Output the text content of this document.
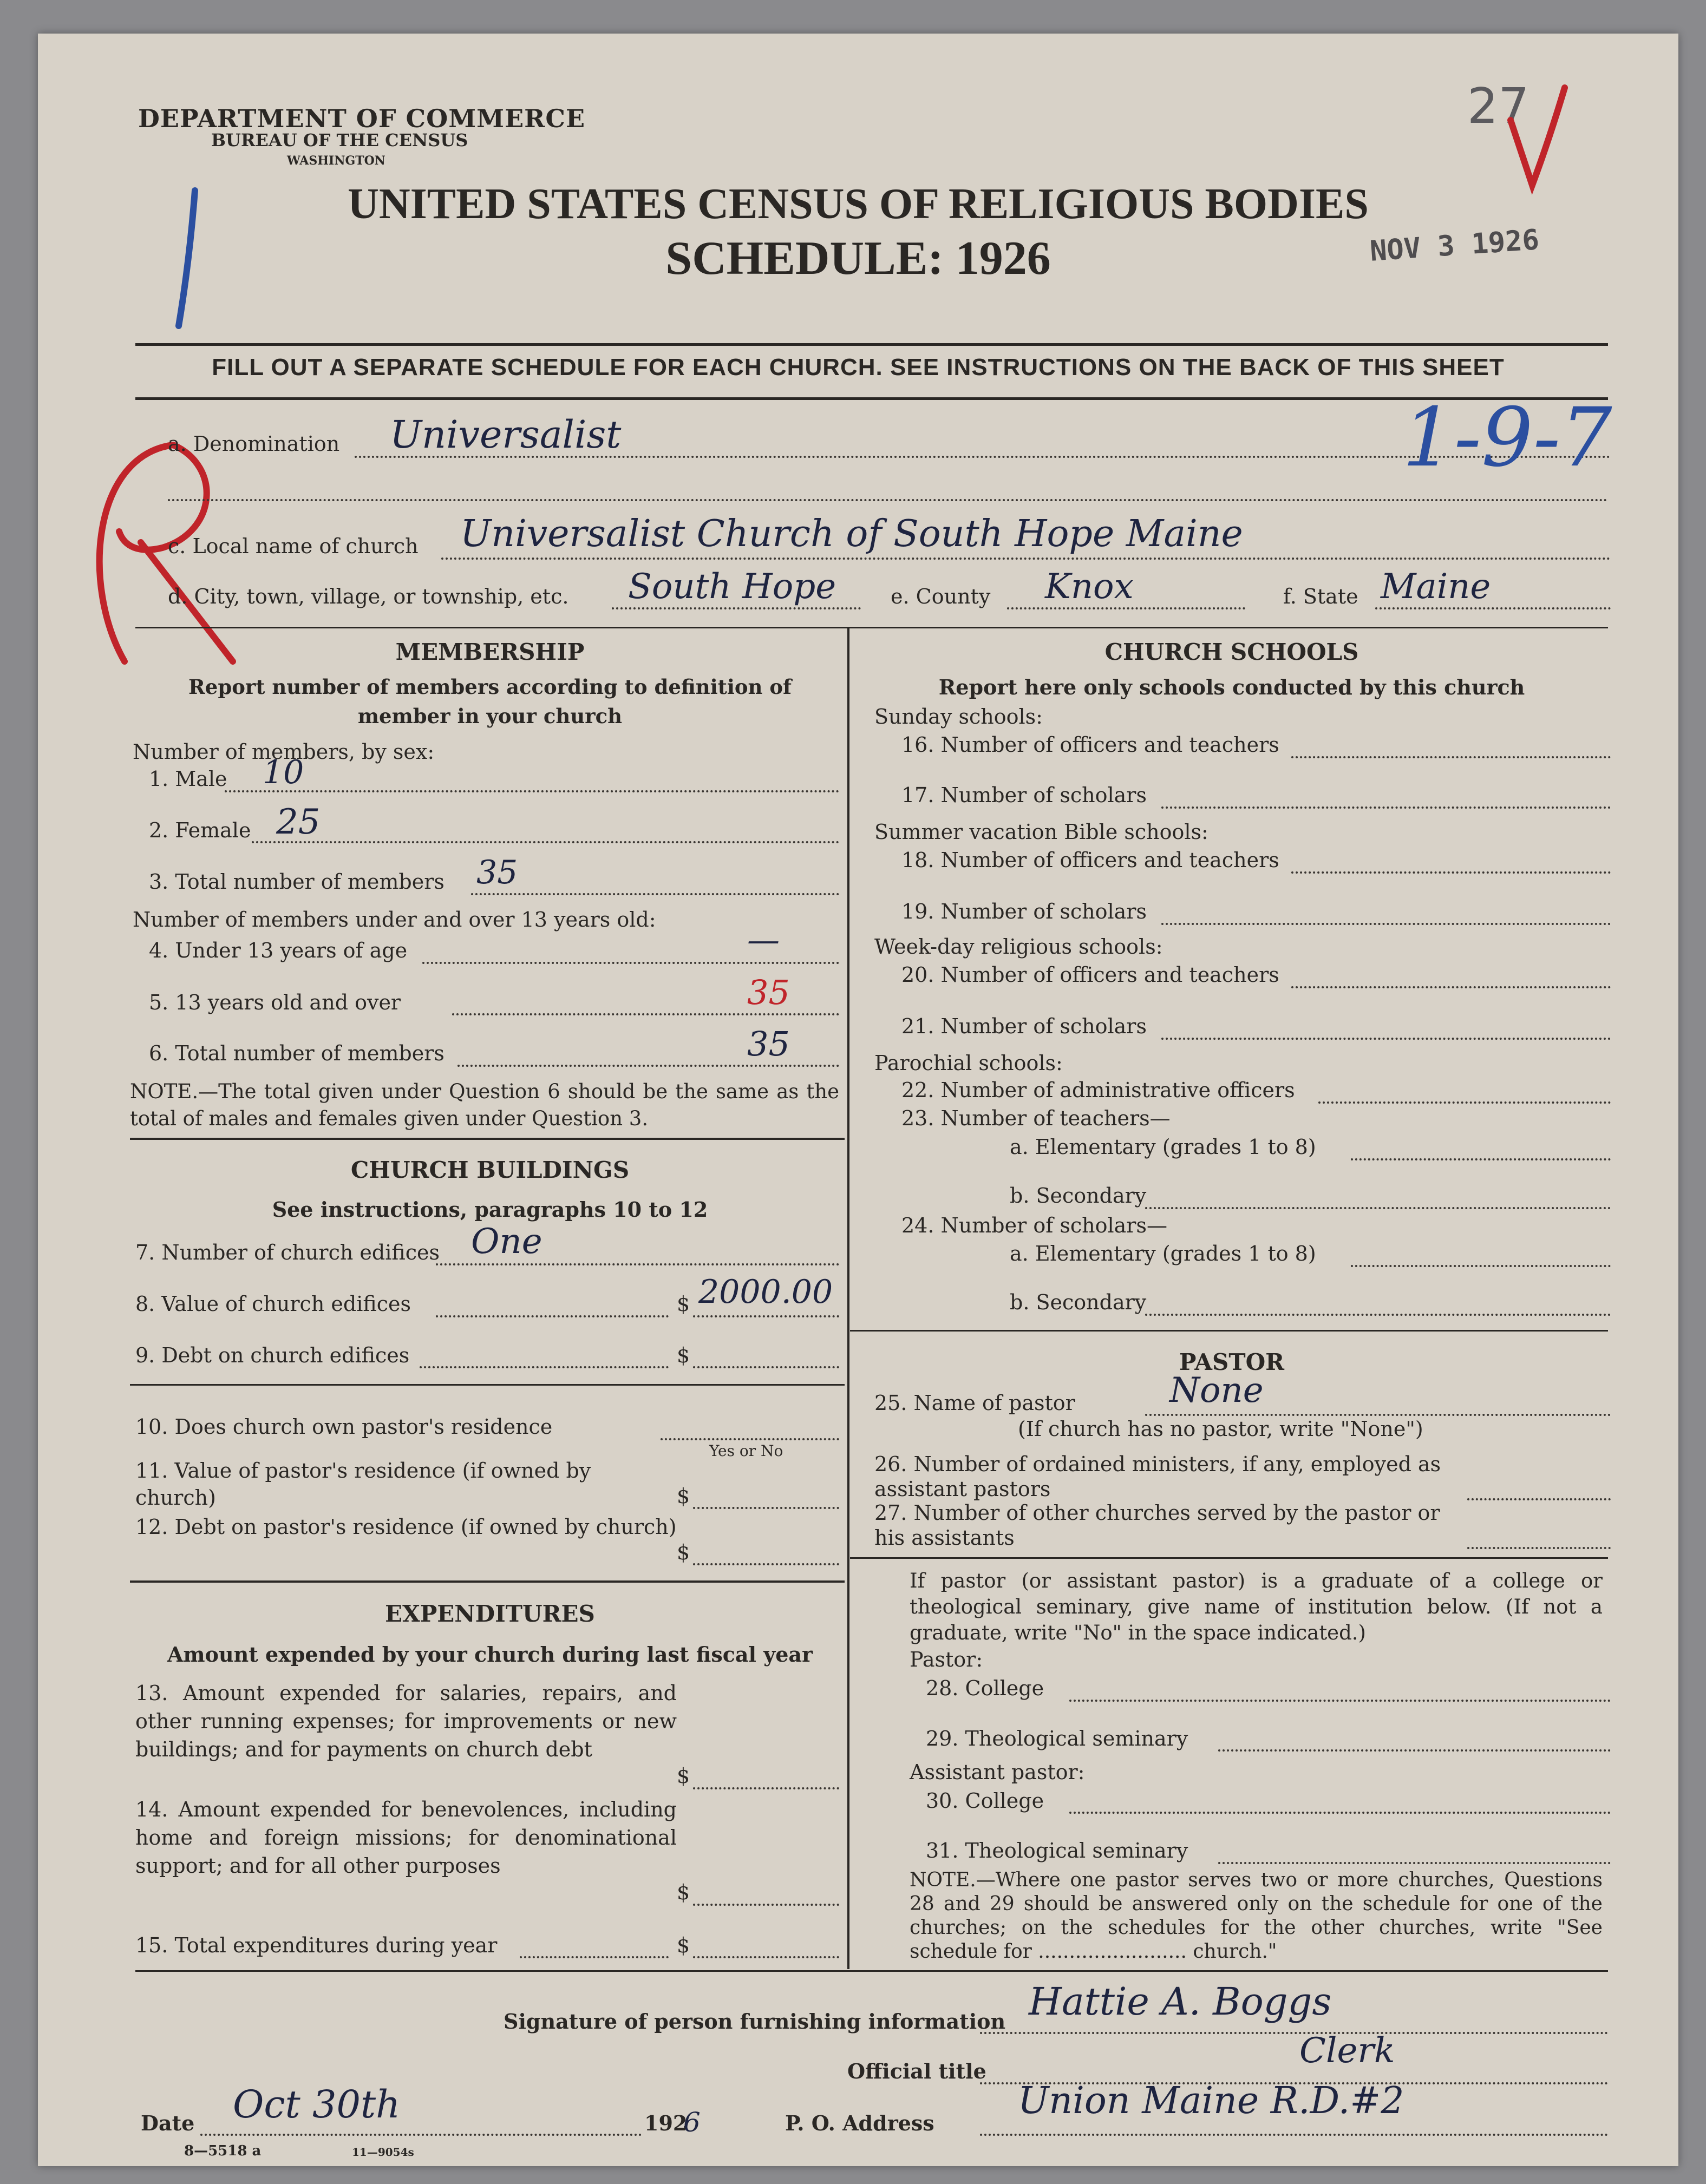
DEPARTMENT OF COMMERCE
BUREAU OF THE CENSUS
WASHINGTON
27
UNITED STATES CENSUS OF RELIGIOUS BODIES
SCHEDULE: 1926	NOV 3 1926
FILL OUT A SEPARATE SCHEDULE FOR EACH CHURCH. SEE INSTRUCTIONS ON THE BACK OF THIS SHEET
a. Denomination Universalist	1-9-7
c. Local name of church Universalist Church of South Hope Maine
d. City, town, village, or township, etc. South Hope	e. County Knox	f. State Maine
MEMBERSHIP
Report number of members according to definition of member in your church
Number of members, by sex:
1. Male 10
2. Female 25
3. Total number of members 35
Number of members under and over 13 years old:
4. Under 13 years of age	—
5. 13 years old and over	35
6. Total number of members	35
NOTE.—The total given under Question 6 should be the same as the total of males and females given under Question 3.
CHURCH BUILDINGS
See instructions, paragraphs 10 to 12
7. Number of church edifices One
8. Value of church edifices	$ 2000.00
9. Debt on church edifices	$
10. Does church own pastor's residence
Yes or No
11. Value of pastor's residence (if owned by church)	$
12. Debt on pastor's residence (if owned by church)
$
EXPENDITURES
Amount expended by your church during last fiscal year
13. Amount expended for salaries, repairs, and other running expenses; for improvements or new buildings; and for payments on church debt
$
14. Amount expended for benevolences, including home and foreign missions; for denominational support; and for all other purposes
$
15. Total expenditures during year	$
CHURCH SCHOOLS
Report here only schools conducted by this church
Sunday schools:
16. Number of officers and teachers
17. Number of scholars
Summer vacation Bible schools:
18. Number of officers and teachers
19. Number of scholars
Week-day religious schools:
20. Number of officers and teachers
21. Number of scholars
Parochial schools:
22. Number of administrative officers
23. Number of teachers—
a. Elementary (grades 1 to 8)
b. Secondary
24. Number of scholars—
a. Elementary (grades 1 to 8)
b. Secondary
PASTOR
25. Name of pastor	None
(If church has no pastor, write "None")
26. Number of ordained ministers, if any, employed as assistant pastors
27. Number of other churches served by the pastor or his assistants
If pastor (or assistant pastor) is a graduate of a college or theological seminary, give name of institution below. (If not a graduate, write "No" in the space indicated.)
Pastor:
28. College
29. Theological seminary
Assistant pastor:
30. College
31. Theological seminary
NOTE.—Where one pastor serves two or more churches, Questions 28 and 29 should be answered only on the schedule for one of the churches; on the schedules for the other churches, write "See schedule for ........................ church."
Signature of person furnishing information Hattie A. Boggs
Official title
Clerk
Date Oct 30th	192
6	P. O. Address
Union Maine R.D.#2
8—5518 a	11—9054s
